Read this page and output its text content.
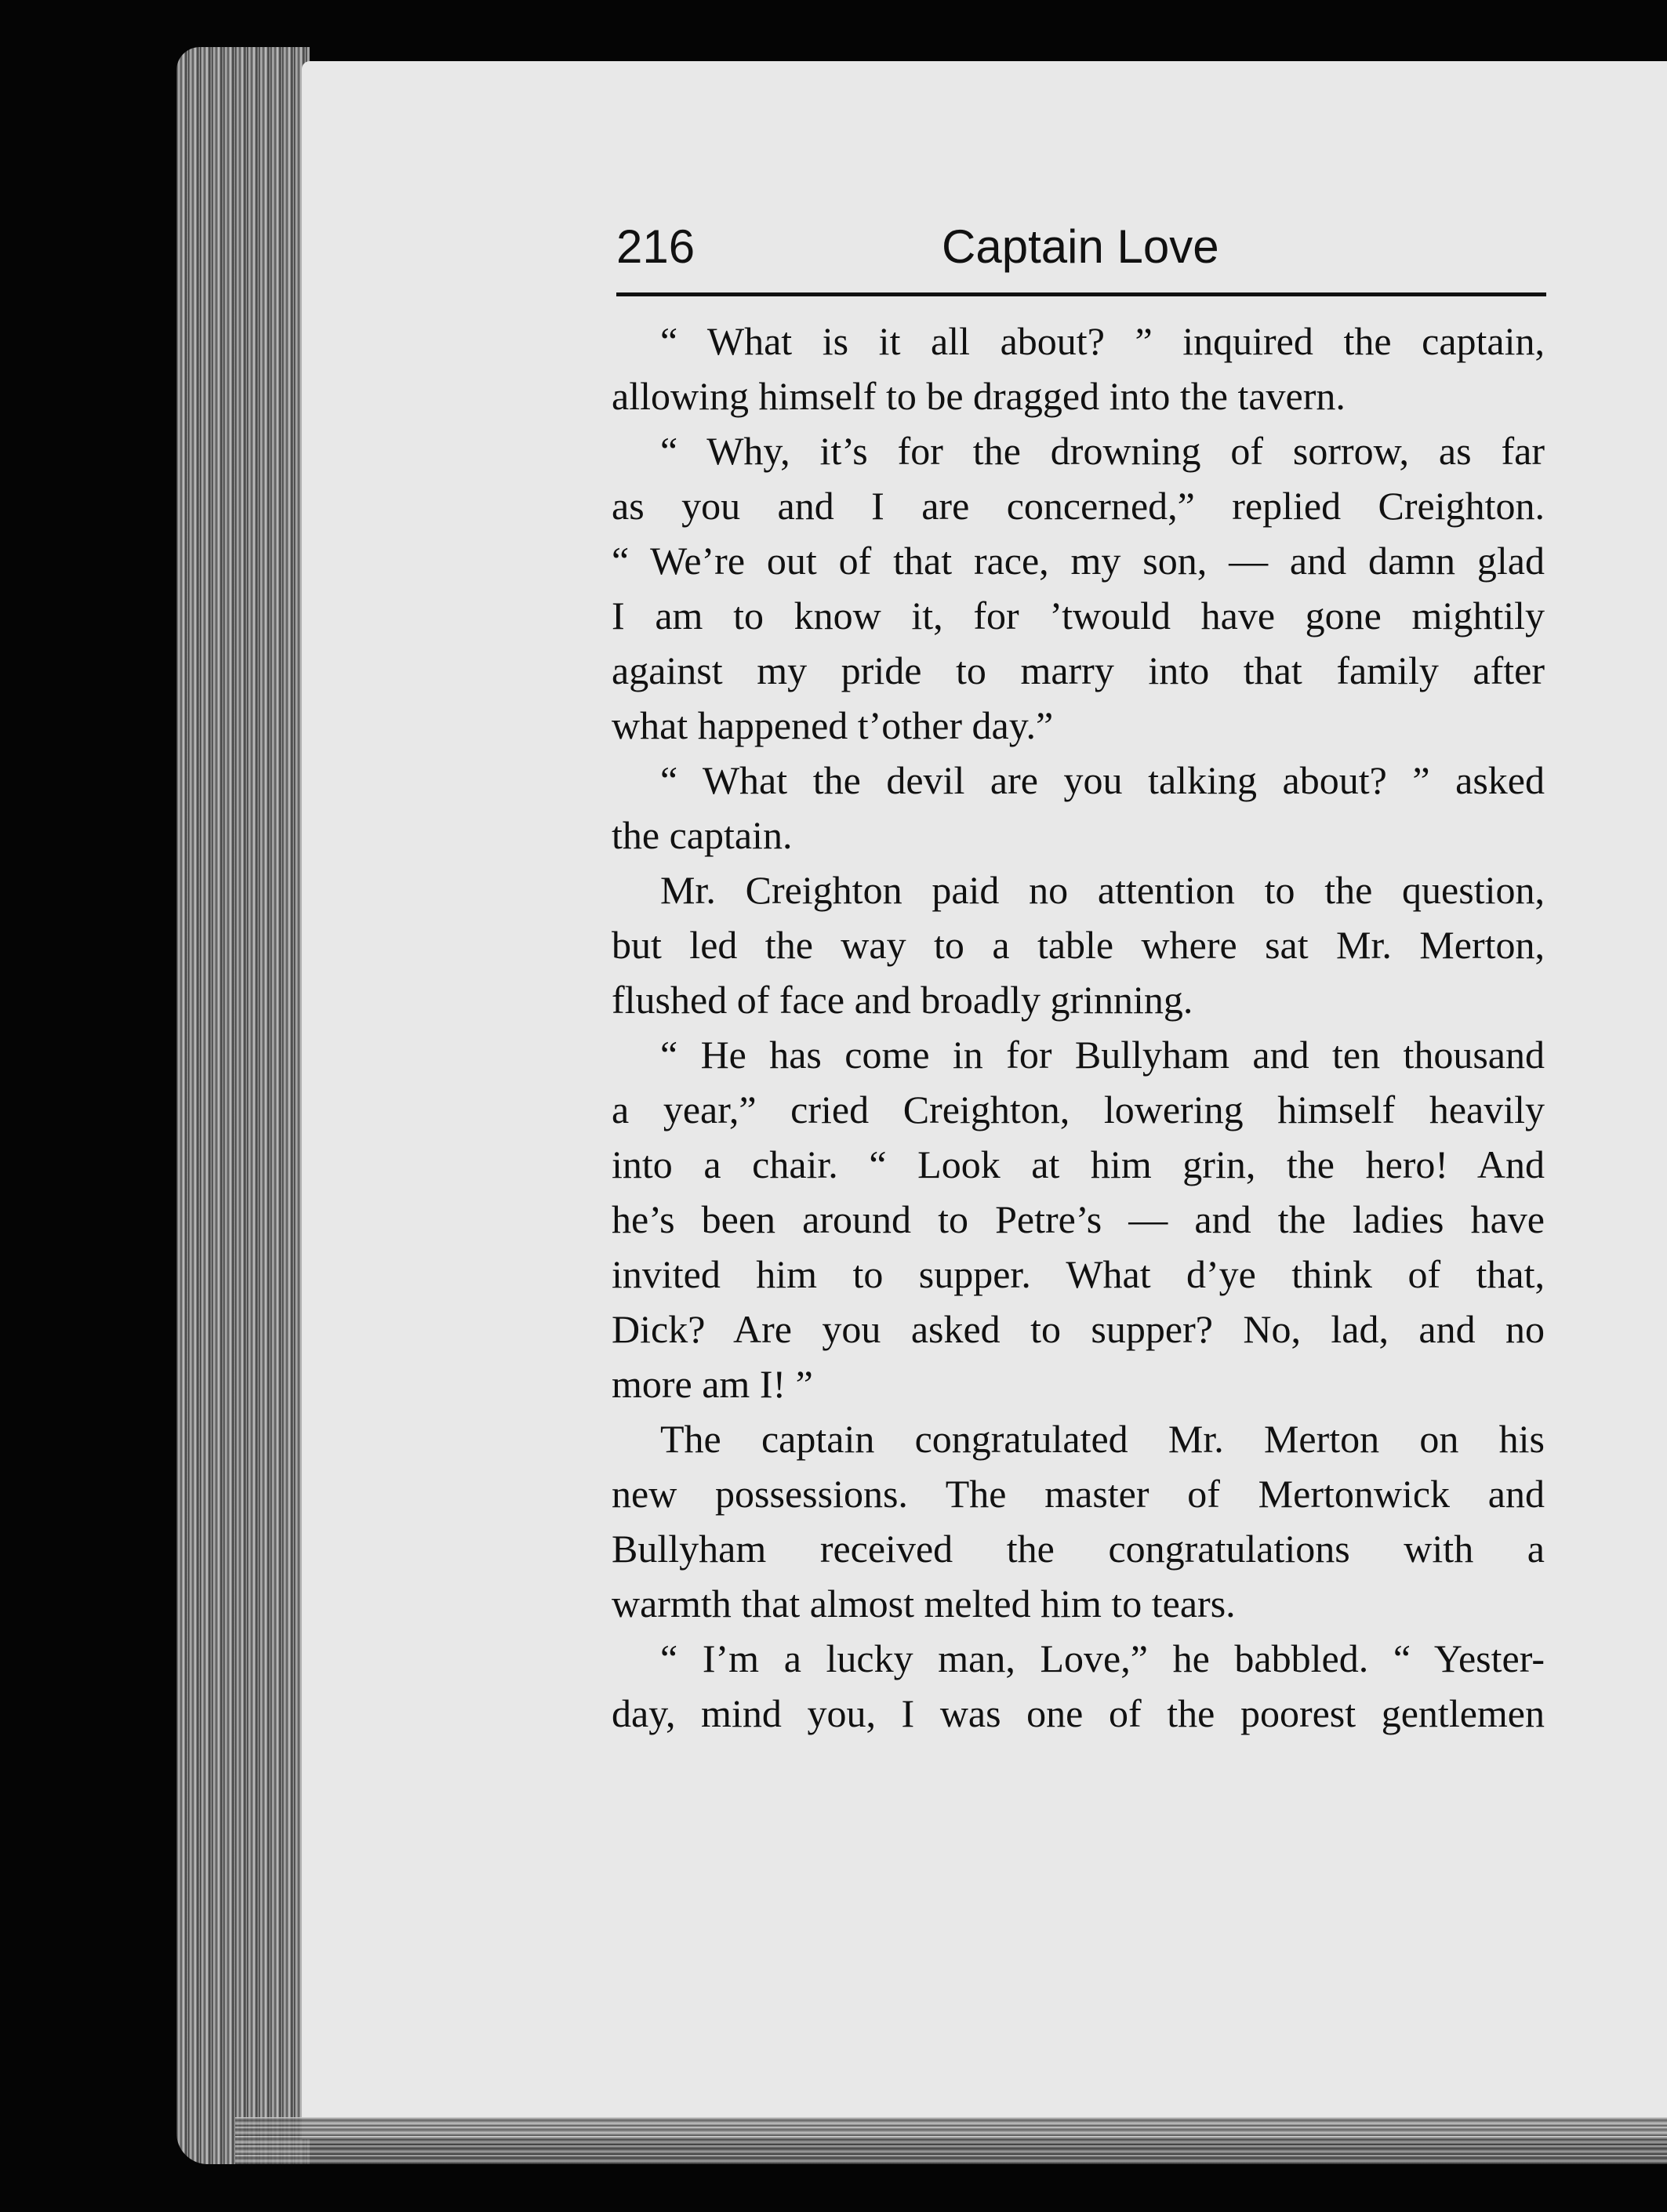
216	Captain Love
“ What is it all about? ” inquired the captain,
allowing himself to be dragged into the tavern.
“ Why, it’s for the drowning of sorrow, as far
as you and I are concerned,” replied Creighton.
“ We’re out of that race, my son, — and damn glad
I am to know it, for ’twould have gone mightily
against my pride to marry into that family after
what happened t’other day.”
“ What the devil are you talking about? ” asked
the captain.
Mr. Creighton paid no attention to the question,
but led the way to a table where sat Mr. Merton,
flushed of face and broadly grinning.
“ He has come in for Bullyham and ten thousand
a year,” cried Creighton, lowering himself heavily
into a chair. “ Look at him grin, the hero! And
he’s been around to Petre’s — and the ladies have
invited him to supper. What d’ye think of that,
Dick? Are you asked to supper? No, lad, and no
more am I! ”
The captain congratulated Mr. Merton on his
new possessions. The master of Mertonwick and
Bullyham received the congratulations with a
warmth that almost melted him to tears.
“ I’m a lucky man, Love,” he babbled. “ Yester-
day, mind you, I was one of the poorest gentlemen
